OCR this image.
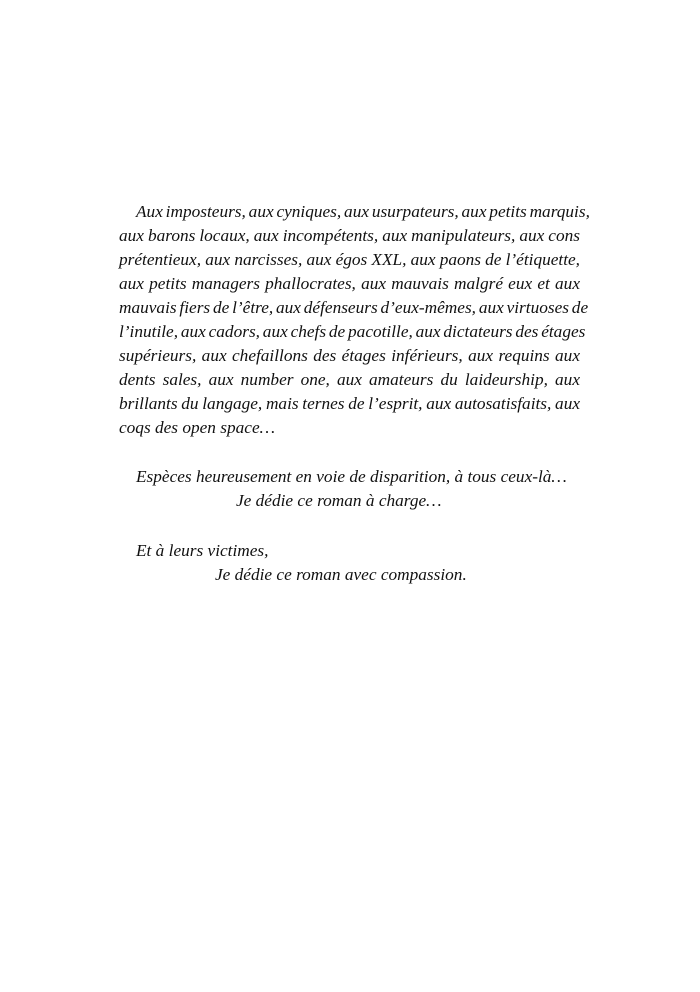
Aux imposteurs, aux cyniques, aux usurpateurs, aux petits marquis,
aux barons locaux, aux incompétents, aux manipulateurs, aux cons
prétentieux, aux narcisses, aux égos XXL, aux paons de l’étiquette,
aux petits managers phallocrates, aux mauvais malgré eux et aux
mauvais fiers de l’être, aux défenseurs d’eux-mêmes, aux virtuoses de
l’inutile, aux cadors, aux chefs de pacotille, aux dictateurs des étages
supérieurs, aux chefaillons des étages inférieurs, aux requins aux
dents sales, aux number one, aux amateurs du laideurship, aux
brillants du langage, mais ternes de l’esprit, aux autosatisfaits, aux
coqs des open space…
Espèces heureusement en voie de disparition, à tous ceux-là…
Je dédie ce roman à charge…
Et à leurs victimes,
Je dédie ce roman avec compassion.
